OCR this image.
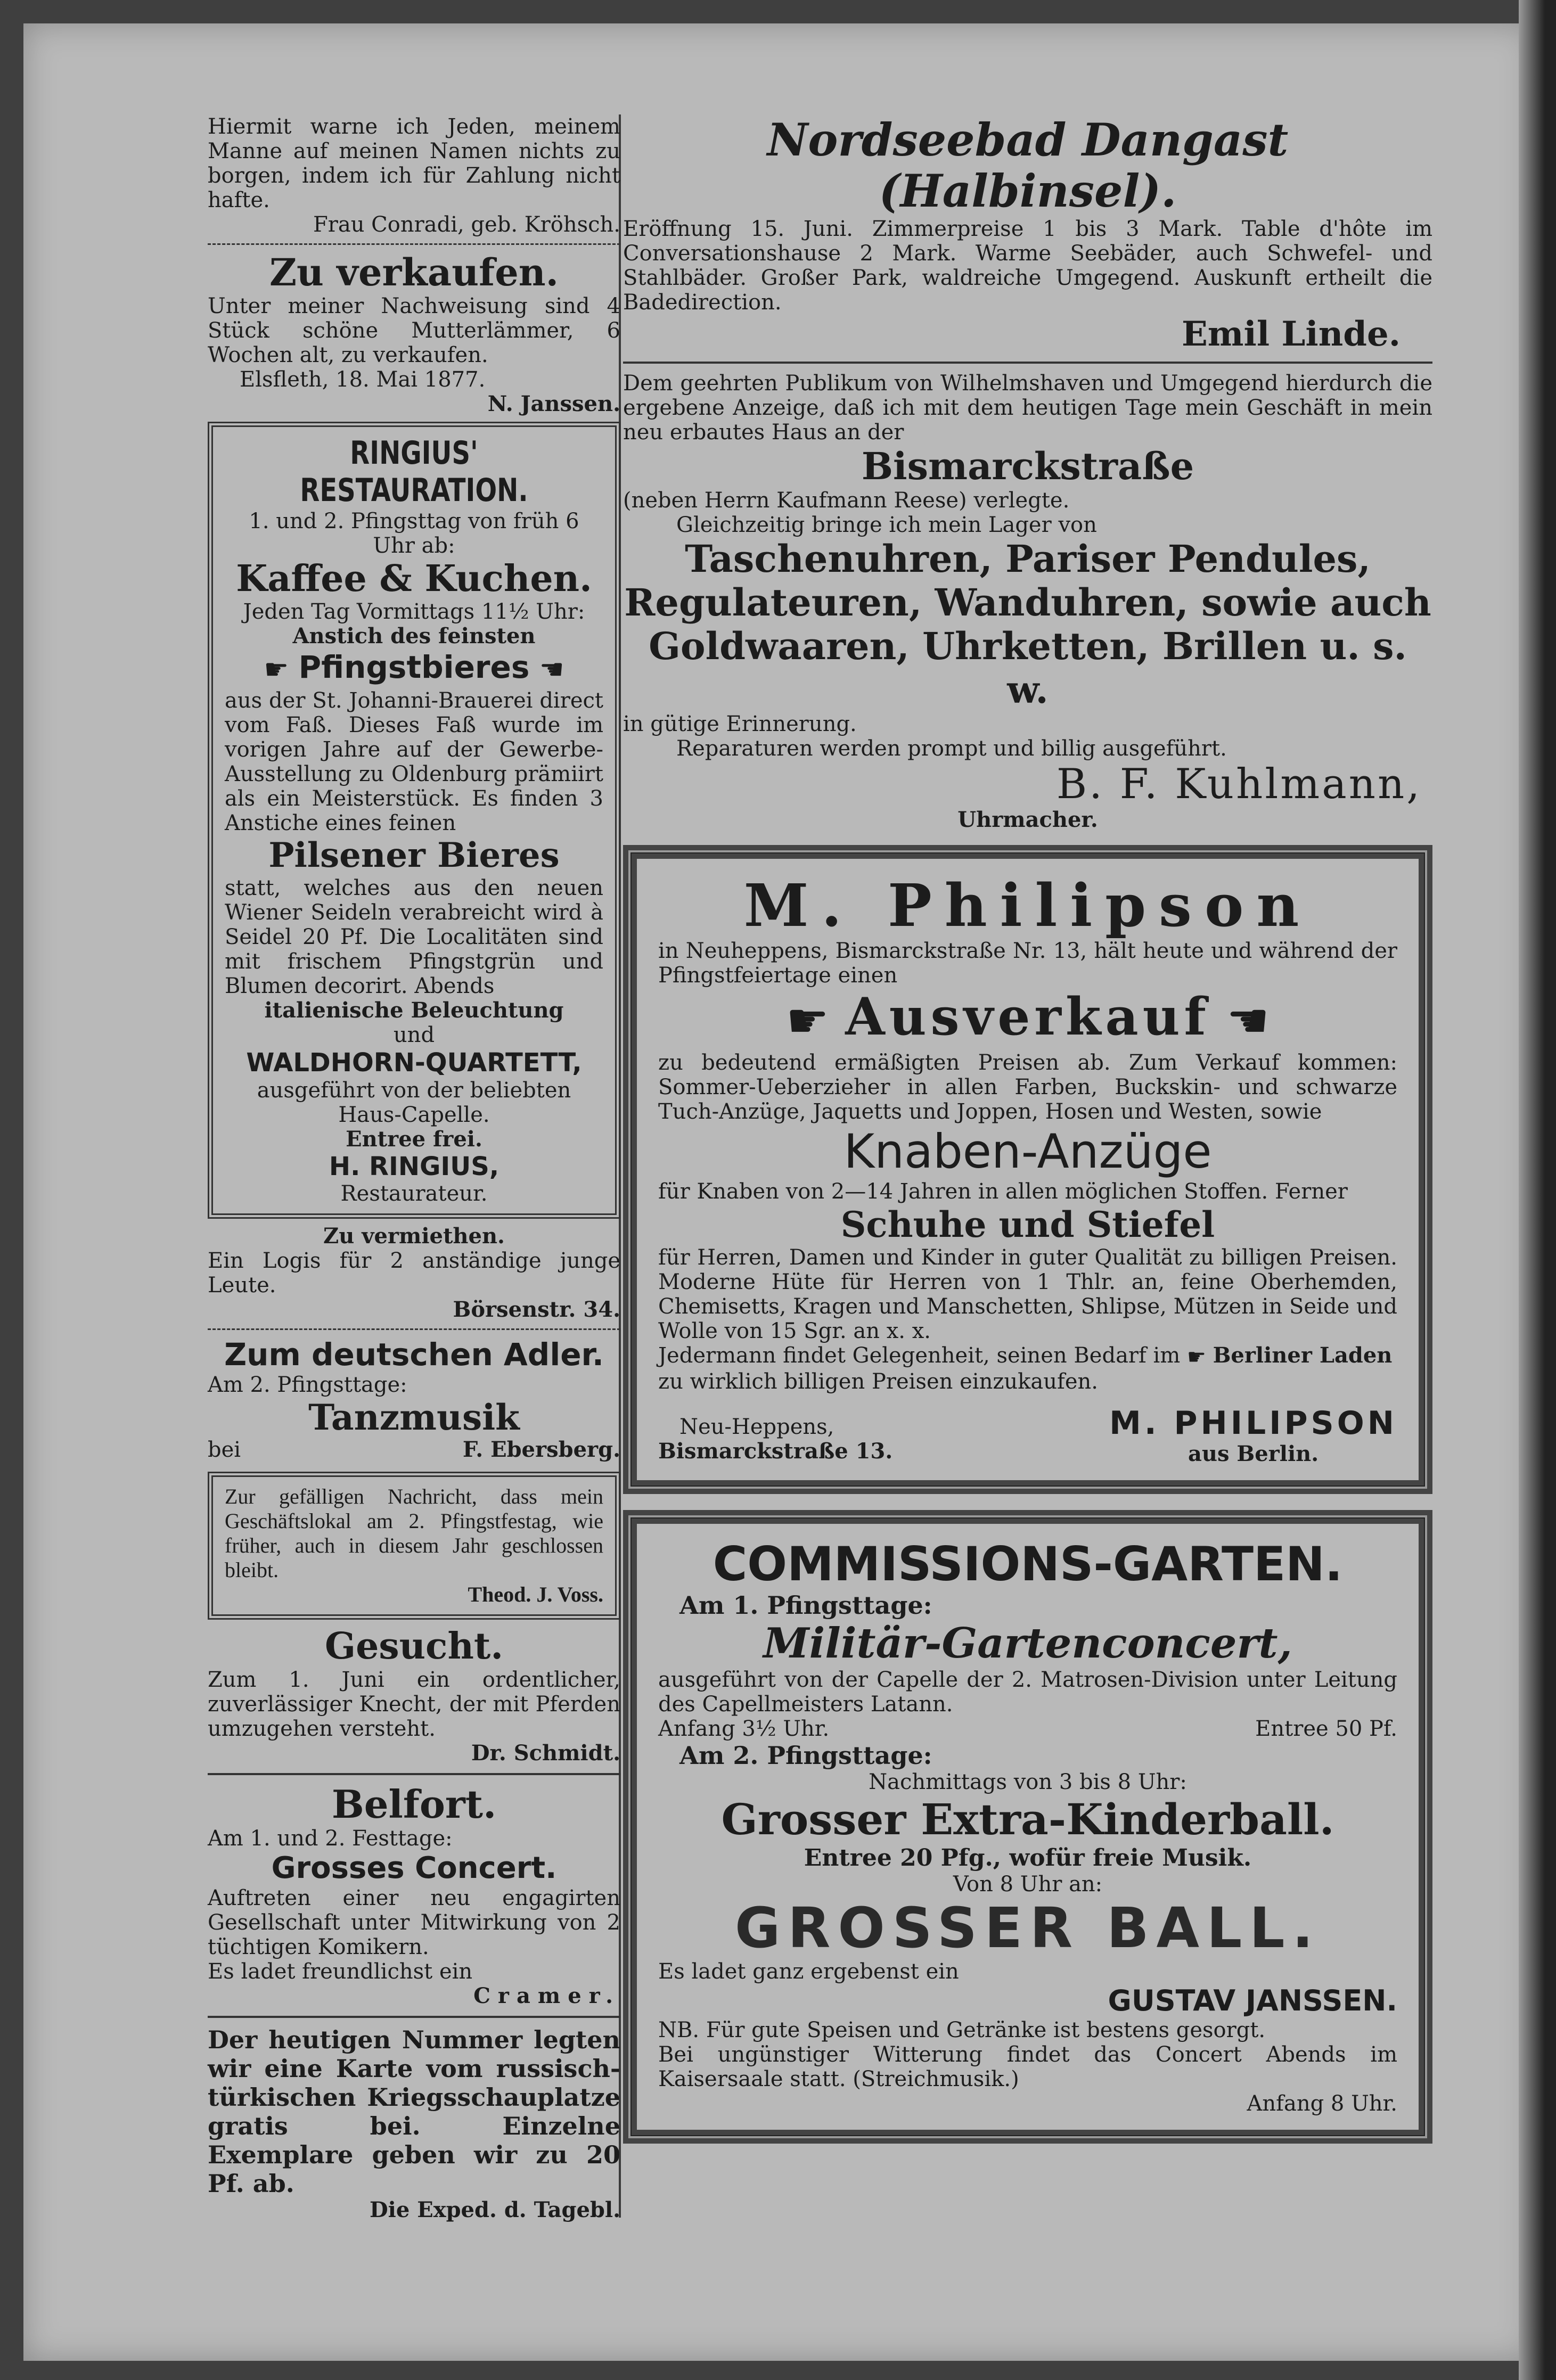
Hiermit warne ich Jeden, meinem Manne auf meinen Namen nichts zu borgen, indem ich für Zahlung nicht hafte.

Frau Conradi, geb. Kröhsch.

Zu verkaufen.

Unter meiner Nachweisung sind 4 Stück schöne Mutterlämmer, 6 Wochen alt, zu verkaufen.

Elsfleth, 18. Mai 1877.

N. Janssen.

RINGIUS' RESTAURATION.

1. und 2. Pfingsttag von früh 6 Uhr ab:

Kaffee & Kuchen.

Jeden Tag Vormittags 11½ Uhr:

Anstich des feinsten

☛ Pfingstbieres ☚

aus der St. Johanni-Brauerei direct vom Faß. Dieses Faß wurde im vorigen Jahre auf der Gewerbe-Ausstellung zu Oldenburg prämiirt als ein Meisterstück. Es finden 3 Anstiche eines feinen

Pilsener Bieres

statt, welches aus den neuen Wiener Seideln verabreicht wird à Seidel 20 Pf. Die Localitäten sind mit frischem Pfingstgrün und Blumen decorirt. Abends

italienische Beleuchtung

und

WALDHORN-QUARTETT,

ausgeführt von der beliebten Haus-Capelle.

Entree frei.

H. RINGIUS,

Restaurateur.

Zu vermiethen.

Ein Logis für 2 anständige junge Leute.

Börsenstr. 34.

Zum deutschen Adler.

Am 2. Pfingsttage:

Tanzmusik

bei	F. Ebersberg.

Zur gefälligen Nachricht, dass mein Geschäftslokal am 2. Pfingstfestag, wie früher, auch in diesem Jahr geschlossen bleibt.

Theod. J. Voss.

Gesucht.

Zum 1. Juni ein ordentlicher, zuverlässiger Knecht, der mit Pferden umzugehen versteht.

Dr. Schmidt.

Belfort.

Am 1. und 2. Festtage:

Grosses Concert.

Auftreten einer neu engagirten Gesellschaft unter Mitwirkung von 2 tüchtigen Komikern.

Es ladet freundlichst ein

Cramer.

Der heutigen Nummer legten wir eine Karte vom russisch-türkischen Kriegsschauplatze gratis bei. Einzelne Exemplare geben wir zu 20 Pf. ab.

Die Exped. d. Tagebl.

Nordseebad Dangast (Halbinsel).

Eröffnung 15. Juni. Zimmerpreise 1 bis 3 Mark. Table d'hôte im Conversationshause 2 Mark. Warme Seebäder, auch Schwefel- und Stahlbäder. Großer Park, waldreiche Umgegend. Auskunft ertheilt die Badedirection.

Emil Linde.

Dem geehrten Publikum von Wilhelmshaven und Umgegend hierdurch die ergebene Anzeige, daß ich mit dem heutigen Tage mein Geschäft in mein neu erbautes Haus an der

Bismarckstraße

(neben Herrn Kaufmann Reese) verlegte.

Gleichzeitig bringe ich mein Lager von

Taschenuhren, Pariser Pendules, Regulateuren, Wanduhren, sowie auch Goldwaaren, Uhrketten, Brillen u. s. w.

in gütige Erinnerung.

Reparaturen werden prompt und billig ausgeführt.

B. F. Kuhlmann,

Uhrmacher.

M. Philipson

in Neuheppens, Bismarckstraße Nr. 13, hält heute und während der Pfingstfeiertage einen

☛ Ausverkauf ☚

zu bedeutend ermäßigten Preisen ab. Zum Verkauf kommen: Sommer-Ueberzieher in allen Farben, Buckskin- und schwarze Tuch-Anzüge, Jaquetts und Joppen, Hosen und Westen, sowie

Knaben-Anzüge

für Knaben von 2—14 Jahren in allen möglichen Stoffen. Ferner

Schuhe und Stiefel

für Herren, Damen und Kinder in guter Qualität zu billigen Preisen. Moderne Hüte für Herren von 1 Thlr. an, feine Oberhemden, Chemisetts, Kragen und Manschetten, Shlipse, Mützen in Seide und Wolle von 15 Sgr. an x. x.

Jedermann findet Gelegenheit, seinen Bedarf im ☛ Berliner Laden

zu wirklich billigen Preisen einzukaufen.

Neu-Heppens,

Bismarckstraße 13.

M. PHILIPSON

aus Berlin.

COMMISSIONS-GARTEN.

Am 1. Pfingsttage:

Militär-Gartenconcert,

ausgeführt von der Capelle der 2. Matrosen-Division unter Leitung des Capellmeisters Latann.

Anfang 3½ Uhr.	Entree 50 Pf.

Am 2. Pfingsttage:

Nachmittags von 3 bis 8 Uhr:

Grosser Extra-Kinderball.

Entree 20 Pfg., wofür freie Musik.

Von 8 Uhr an:

GROSSER BALL.

Es ladet ganz ergebenst ein

GUSTAV JANSSEN.

NB. Für gute Speisen und Getränke ist bestens gesorgt.

Bei ungünstiger Witterung findet das Concert Abends im Kaisersaale statt. (Streichmusik.)

Anfang 8 Uhr.
